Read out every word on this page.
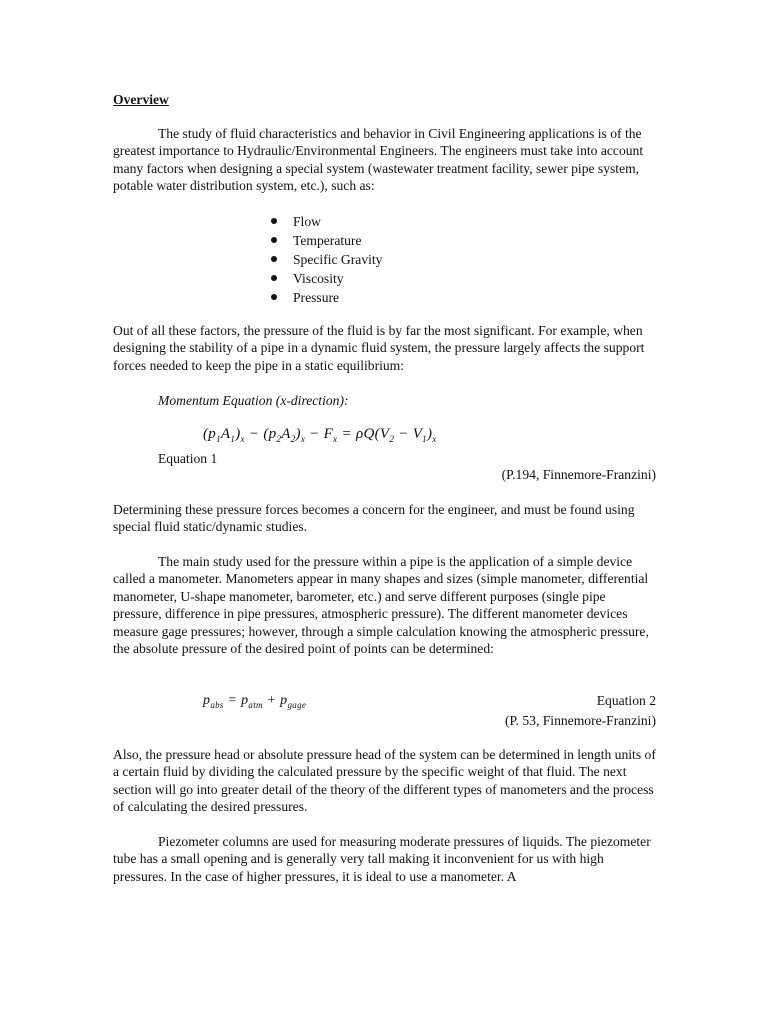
Overview
The study of fluid characteristics and behavior in Civil Engineering applications is of the greatest importance to Hydraulic/Environmental Engineers. The engineers must take into account many factors when designing a special system (wastewater treatment facility, sewer pipe system, potable water distribution system, etc.), such as:
Flow
Temperature
Specific Gravity
Viscosity
Pressure
Out of all these factors, the pressure of the fluid is by far the most significant. For example, when designing the stability of a pipe in a dynamic fluid system, the pressure largely affects the support forces needed to keep the pipe in a static equilibrium:
Momentum Equation (x-direction):
$(p_1A_1)_x - (p_2A_2)_x - F_x = \rho Q(V_2 - V_1)_x$
Equation 1
(P.194, Finnemore-Franzini)
Determining these pressure forces becomes a concern for the engineer, and must be found using special fluid static/dynamic studies.
The main study used for the pressure within a pipe is the application of a simple device called a manometer. Manometers appear in many shapes and sizes (simple manometer, differential manometer, U-shape manometer, barometer, etc.) and serve different purposes (single pipe pressure, difference in pipe pressures, atmospheric pressure). The different manometer devices measure gage pressures; however, through a simple calculation knowing the atmospheric pressure, the absolute pressure of the desired point of points can be determined:
$p_{abs} = p_{atm} + p_{gage}$	Equation 2
(P. 53, Finnemore-Franzini)
Also, the pressure head or absolute pressure head of the system can be determined in length units of a certain fluid by dividing the calculated pressure by the specific weight of that fluid. The next section will go into greater detail of the theory of the different types of manometers and the process of calculating the desired pressures.
Piezometer columns are used for measuring moderate pressures of liquids. The piezometer tube has a small opening and is generally very tall making it inconvenient for us with high pressures. In the case of higher pressures, it is ideal to use a manometer. A
